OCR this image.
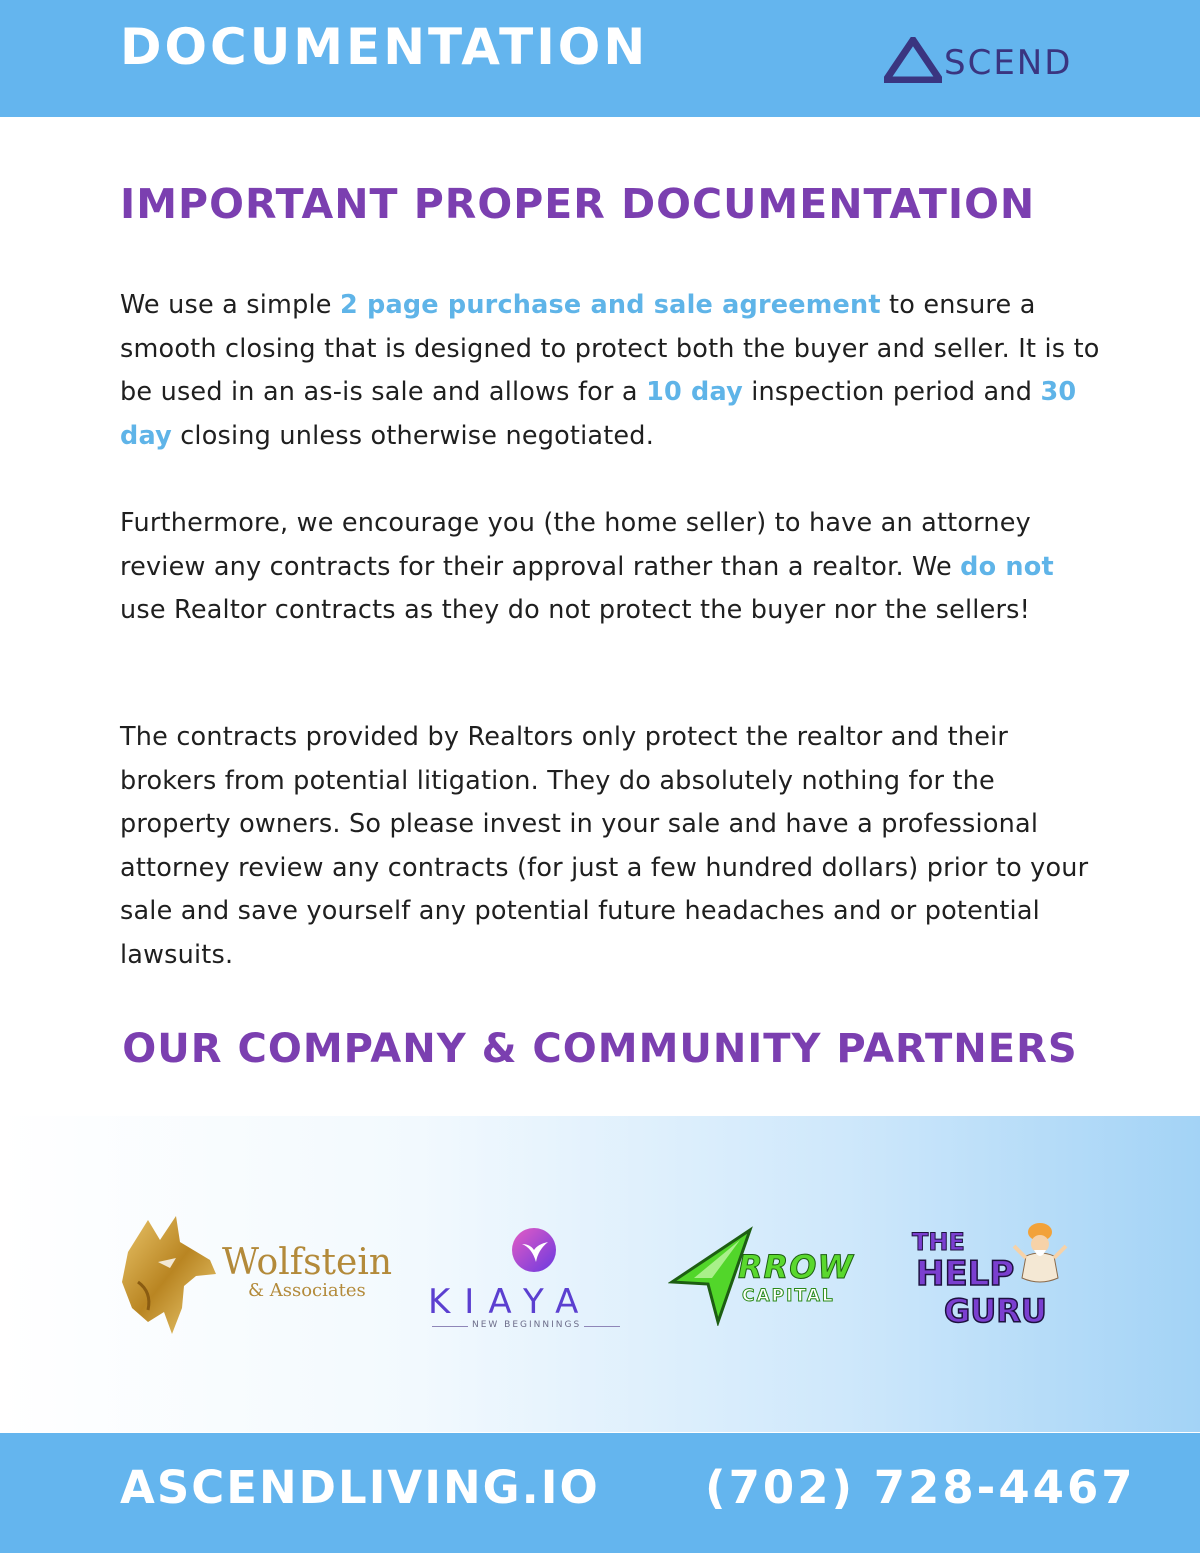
DOCUMENTATION	SCEND
IMPORTANT PROPER DOCUMENTATION
We use a simple 2 page purchase and sale agreement to ensure a smooth closing that is designed to protect both the buyer and seller. It is to be used in an as-is sale and allows for a 10 day inspection period and 30 day closing unless otherwise negotiated.
Furthermore, we encourage you (the home seller) to have an attorney review any contracts for their approval rather than a realtor. We do not use Realtor contracts as they do not protect the buyer nor the sellers!
The contracts provided by Realtors only protect the realtor and their brokers from potential litigation. They do absolutely nothing for the property owners. So please invest in your sale and have a professional attorney review any contracts (for just a few hundred dollars) prior to your sale and save yourself any potential future headaches and or potential lawsuits.
OUR COMPANY & COMMUNITY PARTNERS
Wolfstein
& Associates KIAYA
NEW BEGINNINGS
RROW
CAPITAL
THE
HELP
GURU
ASCENDLIVING.IO (702) 728-4467
